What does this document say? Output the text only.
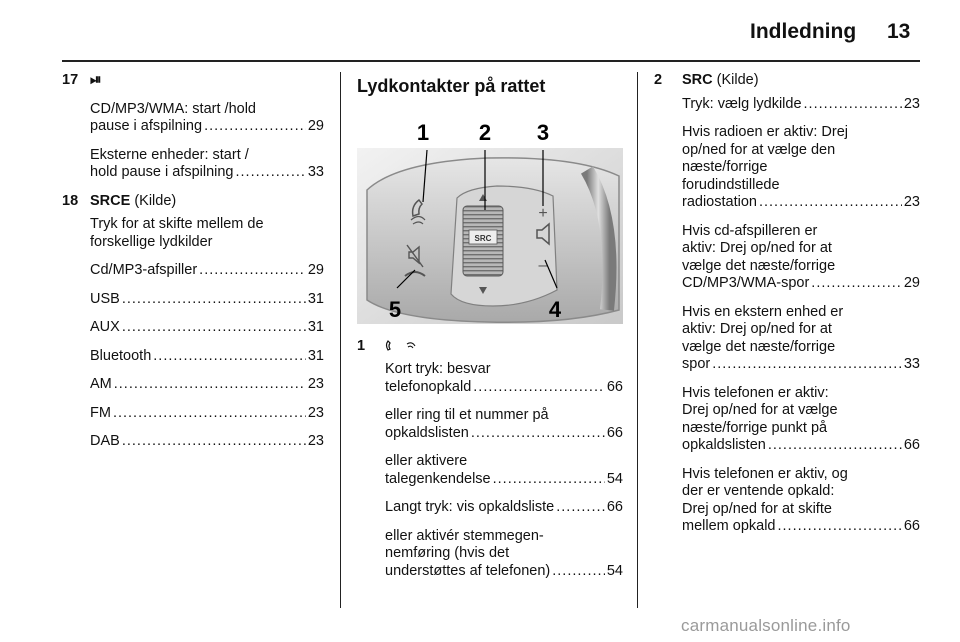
Indledning 13
17 ⏯
CD/MP3/WMA: start /hold
pause i afspilning .....	29
Eksterne enheder: start /
hold pause i afspilning .....	33
18 SRCE (Kilde)
Tryk for at skifte mellem de
forskellige lydkilder
Cd/MP3-afspiller .....	29
USB .....	31
AUX .....	31
Bluetooth .....	31
AM .....	23
FM .....	23
DAB .....	23
Lydkontakter på rattet
SRC
+
–
1 2 3
4
5
1

Kort tryk: besvar
telefonopkald .....	66
eller ring til et nummer på
opkaldslisten .....	66
eller aktivere
talegenkendelse .....	54
Langt tryk: vis opkaldsliste .....	66
eller aktivér stemmegen-
nemføring (hvis det
understøttes af telefonen) .....	54
2 SRC (Kilde)
Tryk: vælg lydkilde .....	23
Hvis radioen er aktiv: Drej
op/ned for at vælge den
næste/forrige
forudindstillede
radiostation .....	23
Hvis cd-afspilleren er
aktiv: Drej op/ned for at
vælge det næste/forrige
CD/MP3/WMA-spor .....	29
Hvis en ekstern enhed er
aktiv: Drej op/ned for at
vælge det næste/forrige
spor .....	33
Hvis telefonen er aktiv:
Drej op/ned for at vælge
næste/forrige punkt på
opkaldslisten .....	66
Hvis telefonen er aktiv, og
der er ventende opkald:
Drej op/ned for at skifte
mellem opkald .....	66
carmanualsonline.info
